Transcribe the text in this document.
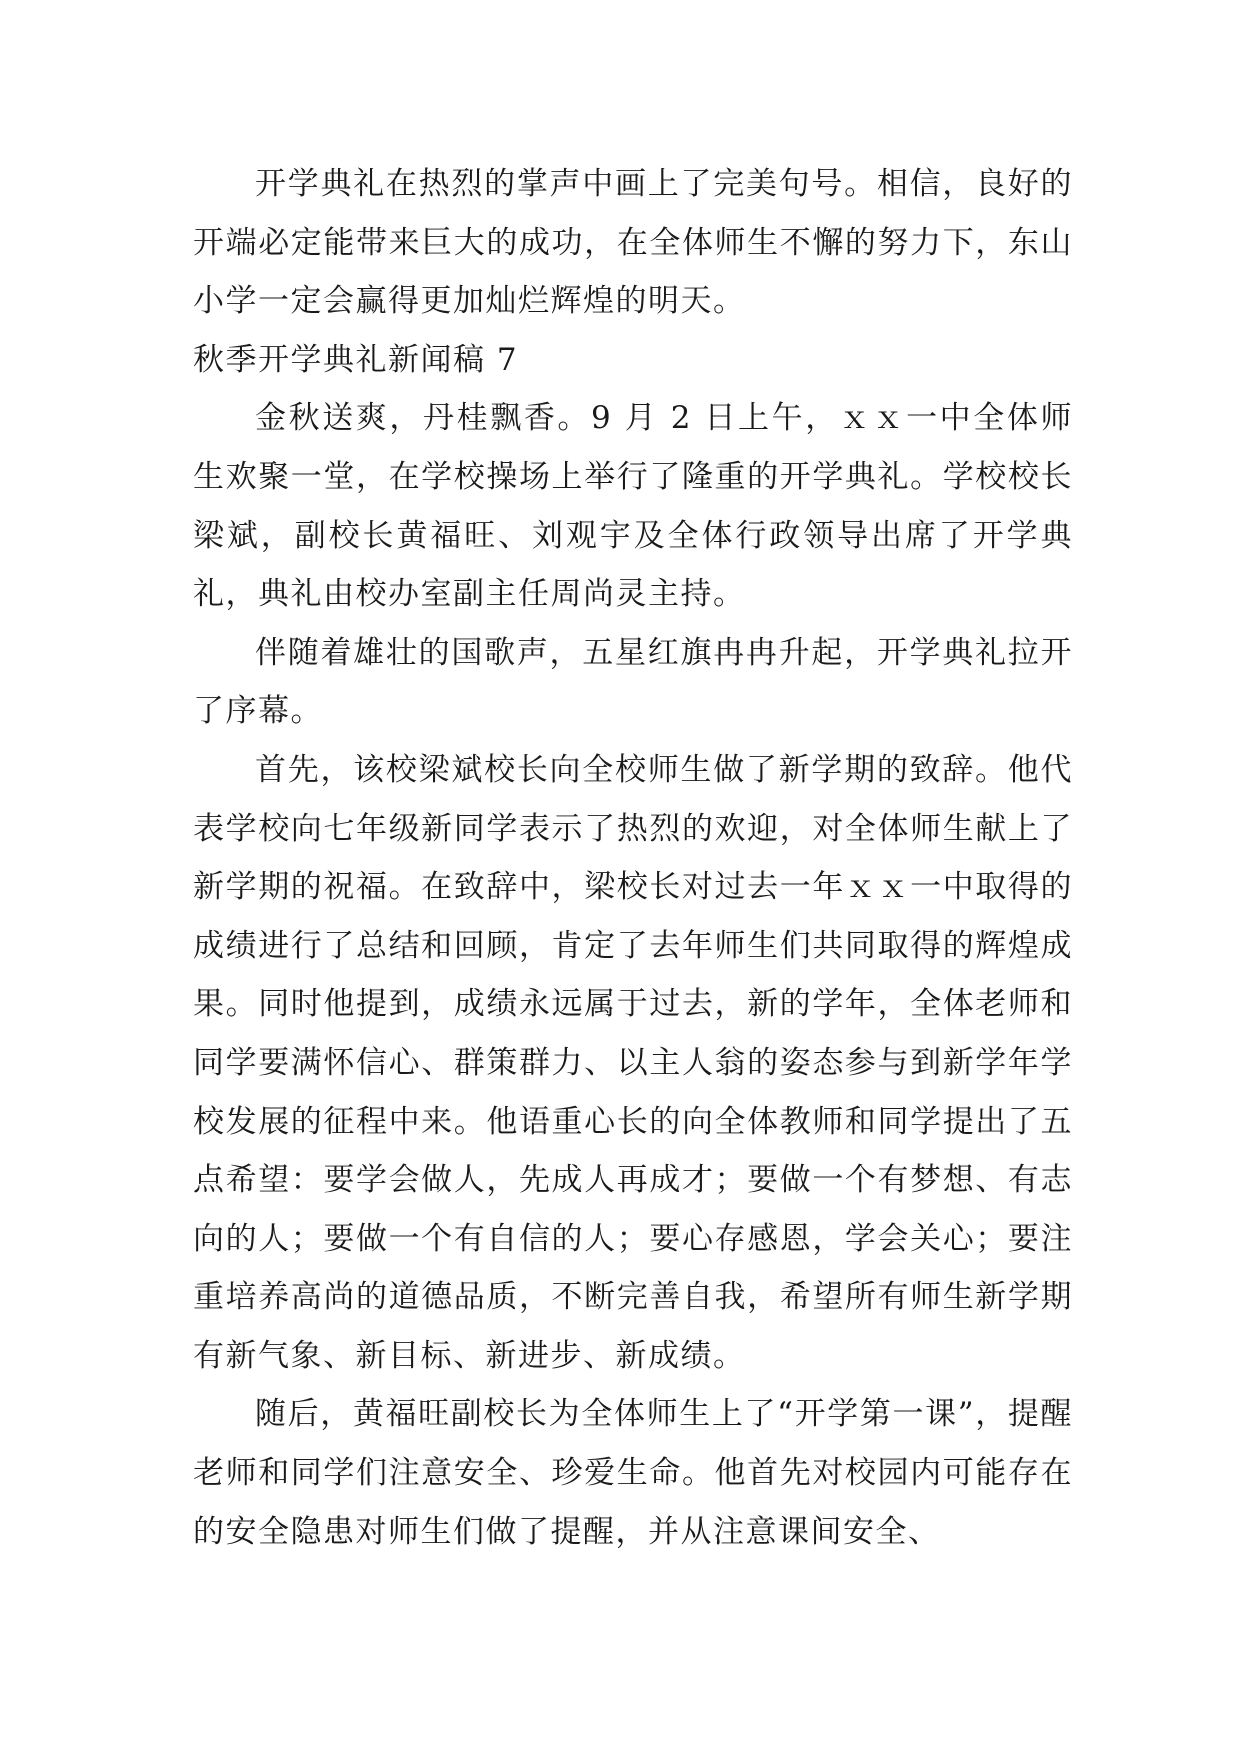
开学典礼在热烈的掌声中画上了完美句号。相信，良好的开端必定能带来巨大的成功，在全体师生不懈的努力下，东山小学一定会赢得更加灿烂辉煌的明天。

秋季开学典礼新闻稿 7

金秋送爽，丹桂飘香。9 月 2 日上午，ｘｘ一中全体师生欢聚一堂，在学校操场上举行了隆重的开学典礼。学校校长梁斌，副校长黄福旺、刘观宇及全体行政领导出席了开学典礼，典礼由校办室副主任周尚灵主持。

伴随着雄壮的国歌声，五星红旗冉冉升起，开学典礼拉开了序幕。

首先，该校梁斌校长向全校师生做了新学期的致辞。他代表学校向七年级新同学表示了热烈的欢迎，对全体师生献上了新学期的祝福。在致辞中，梁校长对过去一年ｘｘ一中取得的成绩进行了总结和回顾，肯定了去年师生们共同取得的辉煌成果。同时他提到，成绩永远属于过去，新的学年，全体老师和同学要满怀信心、群策群力、以主人翁的姿态参与到新学年学校发展的征程中来。他语重心长的向全体教师和同学提出了五点希望：要学会做人，先成人再成才；要做一个有梦想、有志向的人；要做一个有自信的人；要心存感恩，学会关心；要注重培养高尚的道德品质，不断完善自我，希望所有师生新学期有新气象、新目标、新进步、新成绩。

随后，黄福旺副校长为全体师生上了“开学第一课”，提醒老师和同学们注意安全、珍爱生命。他首先对校园内可能存在的安全隐患对师生们做了提醒，并从注意课间安全、
